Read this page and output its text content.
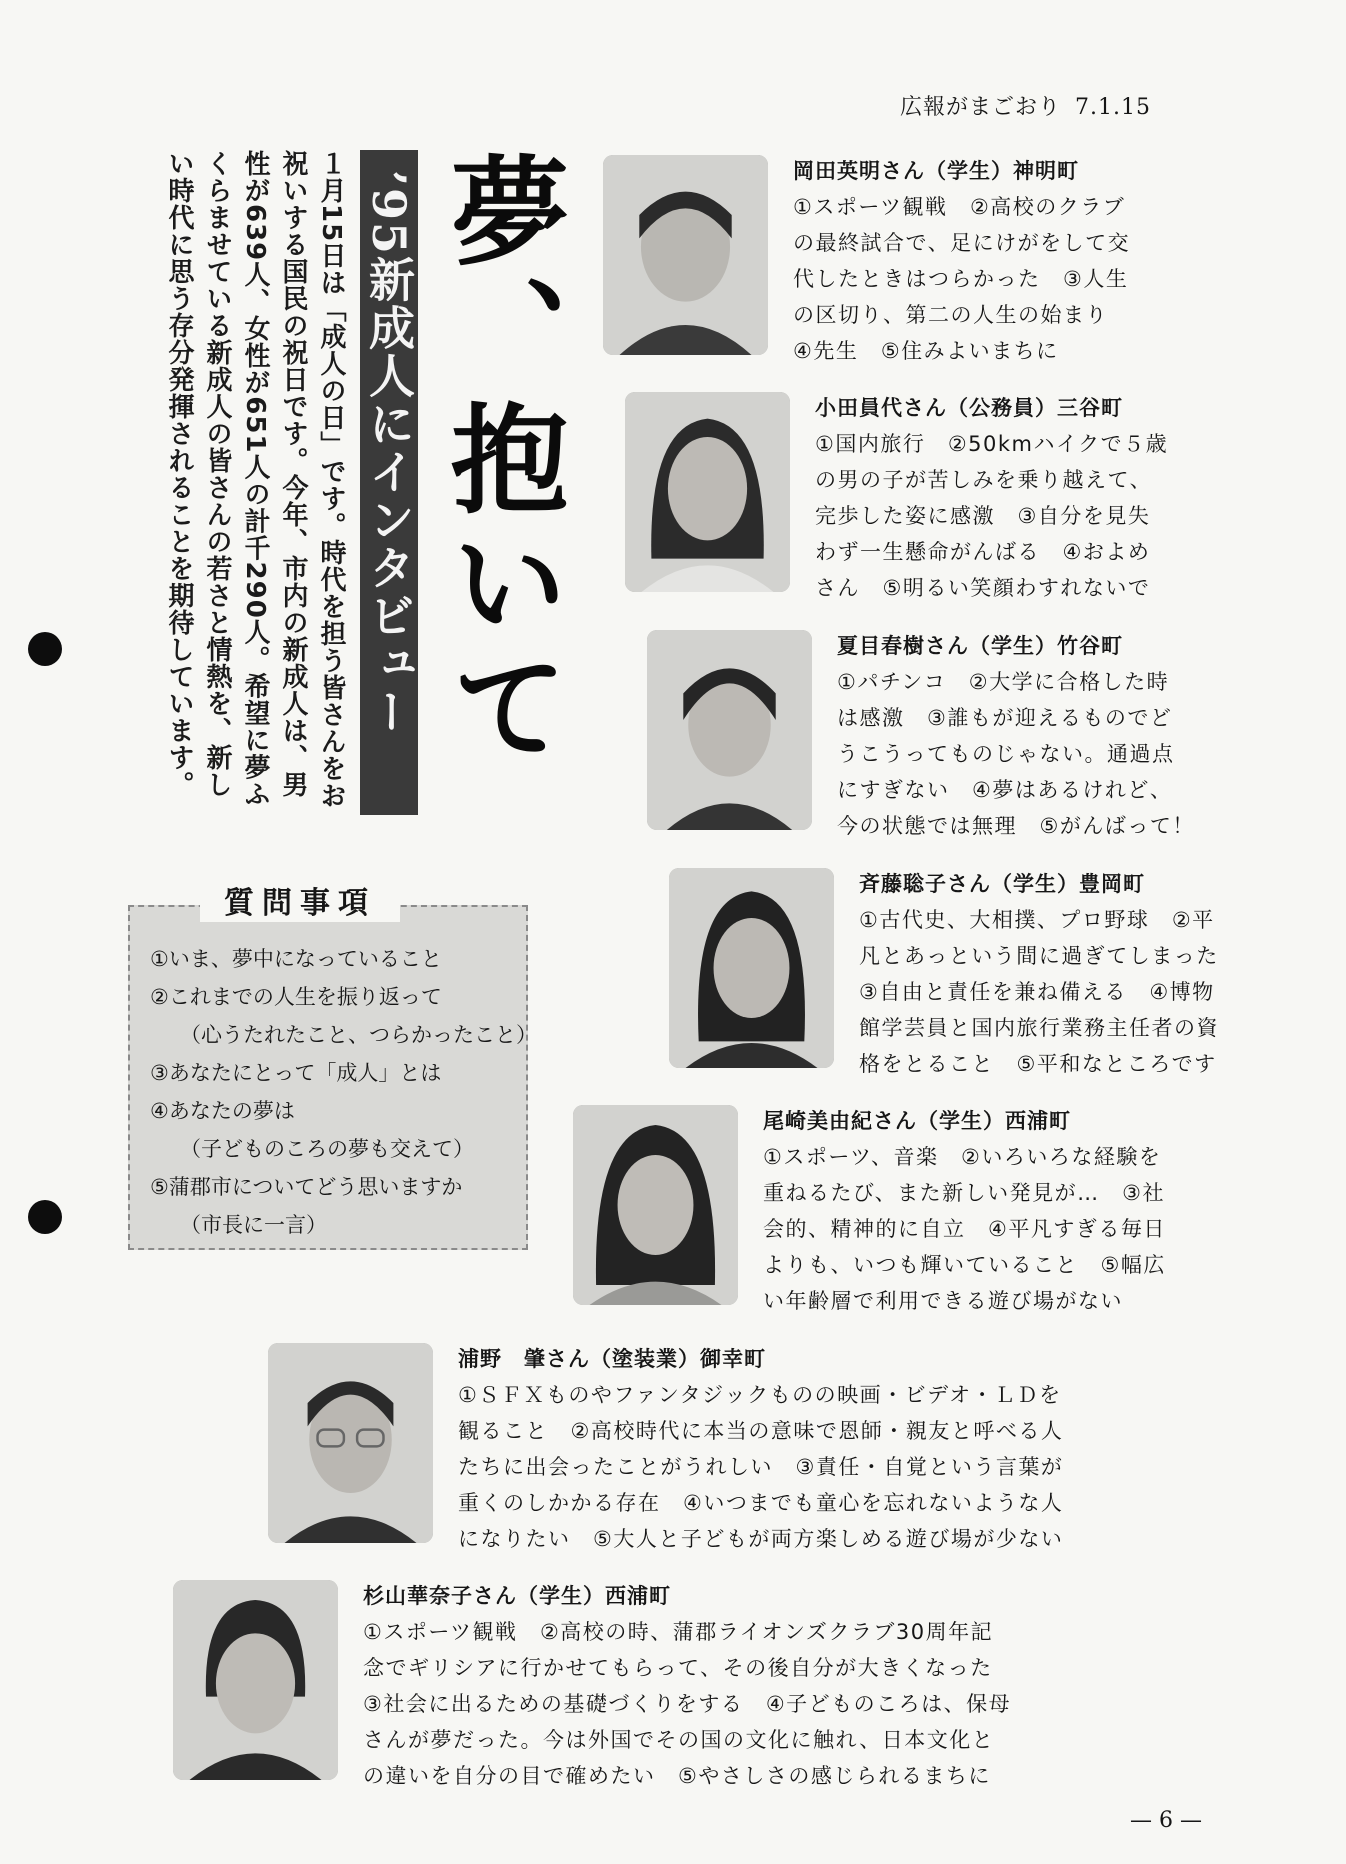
広報がまごおり 7.1.15
１月15日は「成人の日」です。時代を担う皆さんをお祝いする国民の祝日です。今年、市内の新成人は、男性が639人、女性が651人の計千290人。希望に夢ふくらませている新成人の皆さんの若さと情熱を、新しい時代に思う存分発揮されることを期待しています。	’95新成人にインタビュー 夢、抱いて
質問事項
①いま、夢中になっていること
②これまでの人生を振り返って
（心うたれたこと、つらかったこと）
③あなたにとって「成人」とは
④あなたの夢は
（子どものころの夢も交えて）
⑤蒲郡市についてどう思いますか
（市長に一言）
岡田英明さん（学生）神明町
①スポーツ観戦　②高校のクラブ
の最終試合で、足にけがをして交
代したときはつらかった　③人生
の区切り、第二の人生の始まり
④先生　⑤住みよいまちに
小田員代さん（公務員）三谷町
①国内旅行　②50kmハイクで５歳
の男の子が苦しみを乗り越えて、
完歩した姿に感激　③自分を見失
わず一生懸命がんばる　④およめ
さん　⑤明るい笑顔わすれないで
夏目春樹さん（学生）竹谷町
①パチンコ　②大学に合格した時
は感激　③誰もが迎えるものでど
うこうってものじゃない。通過点
にすぎない　④夢はあるけれど、
今の状態では無理　⑤がんばって！
斉藤聡子さん（学生）豊岡町
①古代史、大相撲、プロ野球　②平
凡とあっという間に過ぎてしまった
③自由と責任を兼ね備える　④博物
館学芸員と国内旅行業務主任者の資
格をとること　⑤平和なところです
尾崎美由紀さん（学生）西浦町
①スポーツ、音楽　②いろいろな経験を
重ねるたび、また新しい発見が…　③社
会的、精神的に自立　④平凡すぎる毎日
よりも、いつも輝いていること　⑤幅広
い年齢層で利用できる遊び場がない
浦野　肇さん（塗装業）御幸町
①ＳＦＸものやファンタジックものの映画・ビデオ・ＬＤを
観ること　②高校時代に本当の意味で恩師・親友と呼べる人
たちに出会ったことがうれしい　③責任・自覚という言葉が
重くのしかかる存在　④いつまでも童心を忘れないような人
になりたい　⑤大人と子どもが両方楽しめる遊び場が少ない
杉山華奈子さん（学生）西浦町
①スポーツ観戦　②高校の時、蒲郡ライオンズクラブ30周年記
念でギリシアに行かせてもらって、その後自分が大きくなった
③社会に出るための基礎づくりをする　④子どものころは、保母
さんが夢だった。今は外国でその国の文化に触れ、日本文化と
の違いを自分の目で確めたい　⑤やさしさの感じられるまちに
— 6 —
